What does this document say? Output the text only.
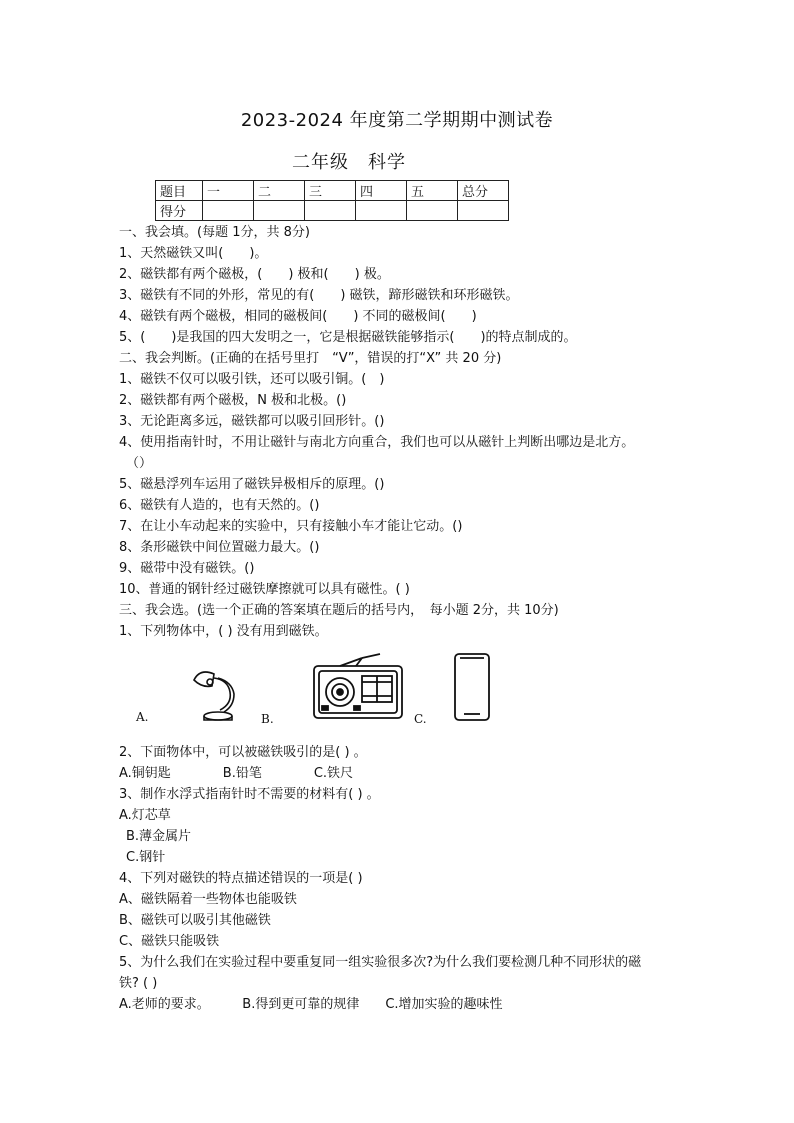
2023-2024 年度第二学期期中测试卷
二年级　科学
题目	一	二	三	四	五	总分
得分						
一、我会填。(每题 1分，共 8分)
1、天然磁铁又叫(　　)。
2、磁铁都有两个磁极，(　　) 极和(　　) 极。
3、磁铁有不同的外形，常见的有(　　) 磁铁，蹄形磁铁和环形磁铁。
4、磁铁有两个磁极，相同的磁极间(　　) 不同的磁极间(　　)
5、(　　)是我国的四大发明之一，它是根据磁铁能够指示(　　)的特点制成的。
二、我会判断。(正确的在括号里打　“V”，错误的打“X” 共 20 分)
1、磁铁不仅可以吸引铁，还可以吸引铜。(　)
2、磁铁都有两个磁极，N 极和北极。()
3、无论距离多远，磁铁都可以吸引回形针。()
4、使用指南针时，不用让磁针与南北方向重合，我们也可以从磁针上判断出哪边是北方。
（）
5、磁悬浮列车运用了磁铁异极相斥的原理。()
6、磁铁有人造的，也有天然的。()
7、在让小车动起来的实验中，只有接触小车才能让它动。()
8、条形磁铁中间位置磁力最大。()
9、磁带中没有磁铁。()
10、普通的钢针经过磁铁摩擦就可以具有磁性。( )
三、我会选。(选一个正确的答案填在题后的括号内，　每小题 2分，共 10分)
1、下列物体中，( ) 没有用到磁铁。
A.	B.	C.
2、下面物体中，可以被磁铁吸引的是( ) 。
A.铜钥匙　　　　B.铅笔　　　　C.铁尺
3、制作水浮式指南针时不需要的材料有( ) 。
A.灯芯草
B.薄金属片
C.钢针
4、下列对磁铁的特点描述错误的一项是( )
A、磁铁隔着一些物体也能吸铁
B、磁铁可以吸引其他磁铁
C、磁铁只能吸铁
5、为什么我们在实验过程中要重复同一组实验很多次?为什么我们要检测几种不同形状的磁
铁? ( )
A.老师的要求。　　　B.得到更可靠的规律　　C.增加实验的趣味性
